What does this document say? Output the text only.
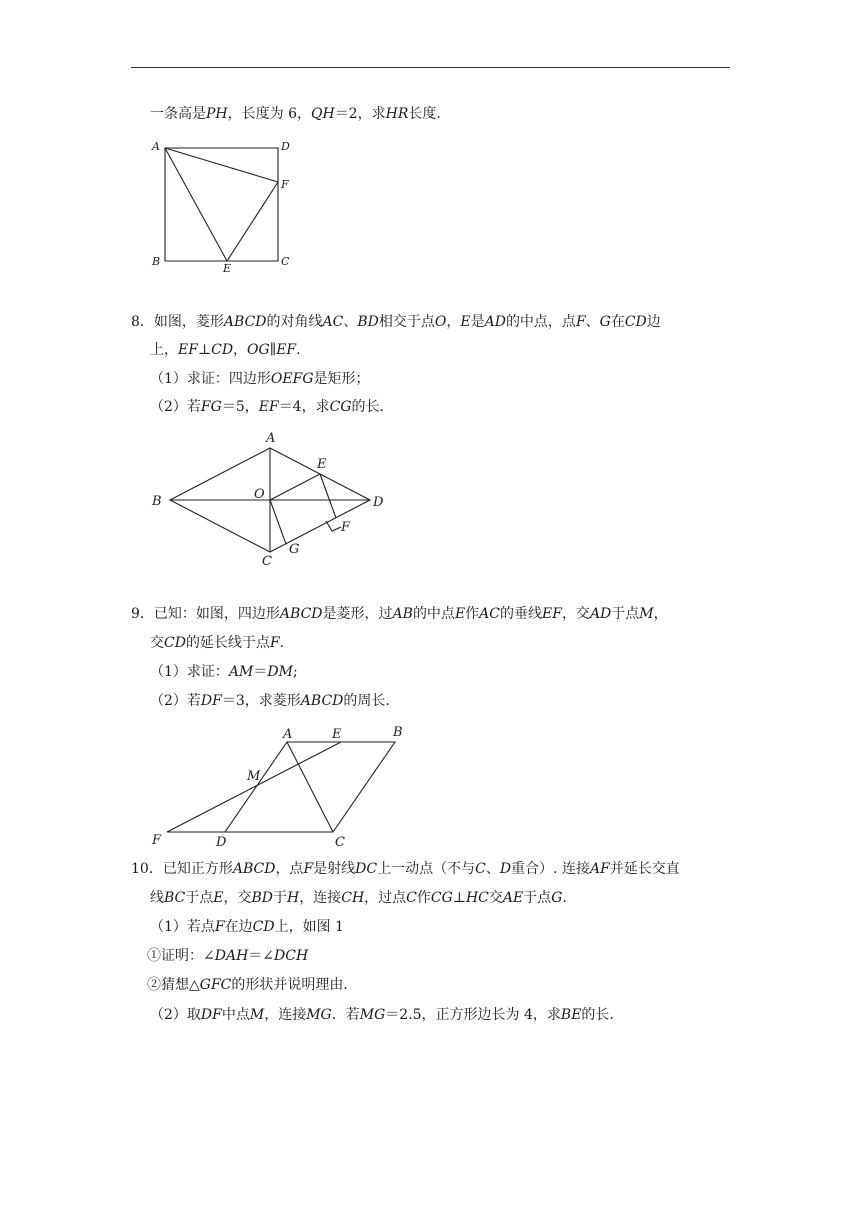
一条高是PH，长度为 6，QH＝2，求HR长度.
A	D
F
B
E
C
8．如图，菱形ABCD的对角线AC、BD相交于点O，E是AD的中点，点F、G在CD边
上，EF⊥CD，OG∥EF.
（1）求证：四边形OEFG是矩形；
（2）若FG＝5，EF＝4，求CG的长.
A
B	O
E
D
F
G
C
9．已知：如图，四边形ABCD是菱形，过AB的中点E作AC的垂线EF，交AD于点M，
交CD的延长线于点F.
（1）求证：AM＝DM;
（2）若DF＝3，求菱形ABCD的周长.
A	E	B
M
F	D	C
10．已知正方形ABCD，点F是射线DC上一动点（不与C、D重合）. 连接AF并延长交直
线BC于点E，交BD于H，连接CH，过点C作CG⊥HC交AE于点G.
（1）若点F在边CD上，如图 1
①证明：∠DAH＝∠DCH
②猜想△GFC的形状并说明理由.
（2）取DF中点M，连接MG．若MG＝2.5，正方形边长为 4，求BE的长.
